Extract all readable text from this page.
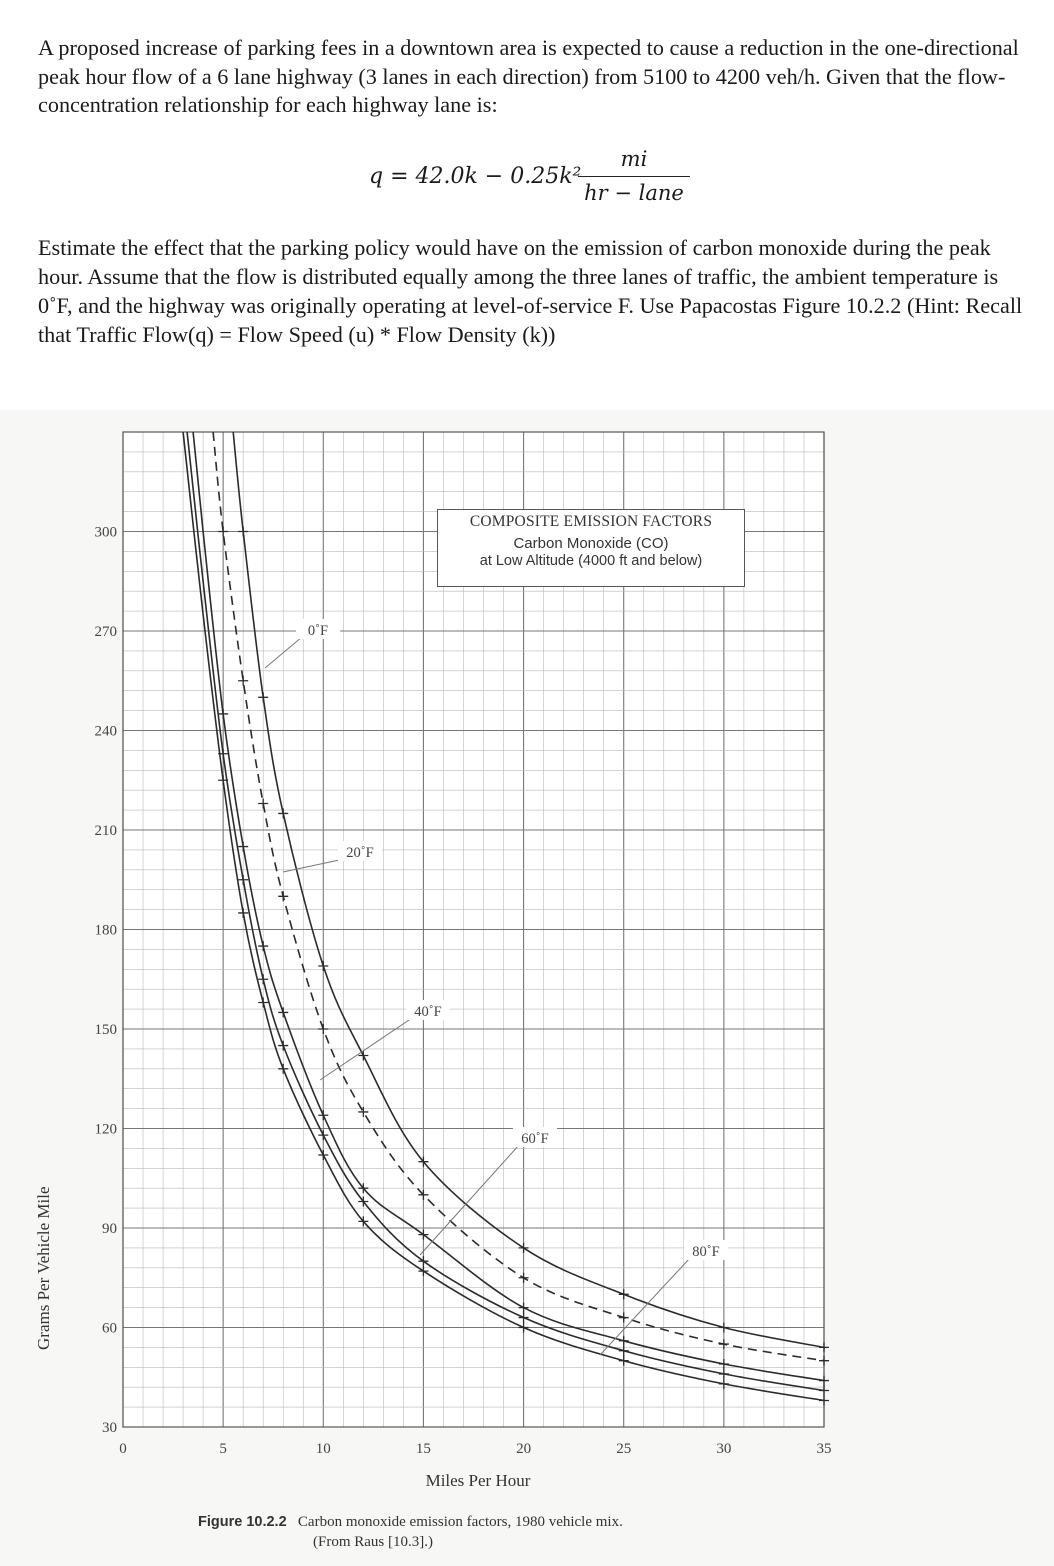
A proposed increase of parking fees in a downtown area is expected to cause a reduction in the one-directional peak hour flow of a 6 lane highway (3 lanes in each direction) from 5100 to 4200 veh/h. Given that the flow-concentration relationship for each highway lane is:

q = 42.0k − 0.25k²
mi
hr − lane

Estimate the effect that the parking policy would have on the emission of carbon monoxide during the peak hour. Assume that the flow is distributed equally among the three lanes of traffic, the ambient temperature is 0˚F, and the highway was originally operating at level-of-service F. Use Papacostas Figure 10.2.2 (Hint: Recall that Traffic Flow(q) = Flow Speed (u) * Flow Density (k))

0	5	10	15	20	25	30	35
30
60
90
120
150
180
210
240
270
300
Miles Per Hour
0˚F
20˚F
40˚F
60˚F
80˚F
Grams Per Vehicle Mile
COMPOSITE EMISSION FACTORS
Carbon Monoxide (CO)
at Low Altitude (4000 ft and below)
Figure 10.2.2 Carbon monoxide emission factors, 1980 vehicle mix.
(From Raus [10.3].)
